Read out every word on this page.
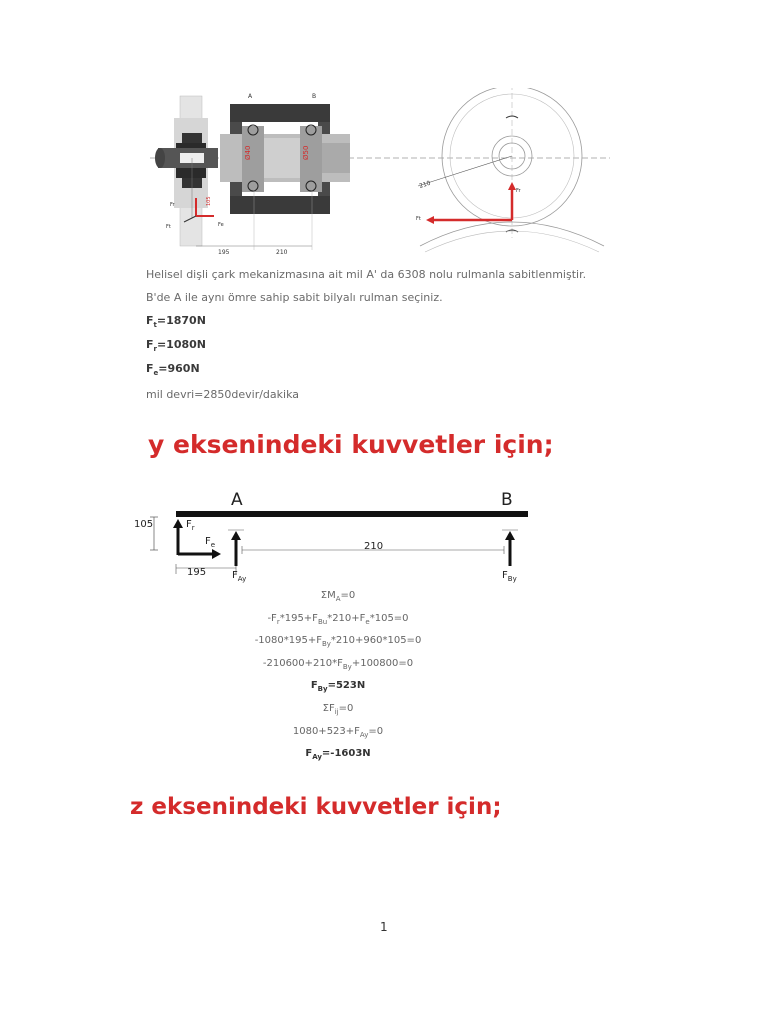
Ø40	Ø50
A	B
105
Fr
Ft	Fe
195	210
210
Fr
Ft
Helisel dişli çark mekanizmasına ait mil A' da 6308 nolu rulmanla sabitlenmiştir.
B'de A ile aynı ömre sahip sabit bilyalı rulman seçiniz.
$F_t=1870N$
$F_r=1080N$
$F_e=960N$
mil devri=2850devir/dakika
y eksenindeki kuvvetler için;
A	B
105
195
210
$F_r$
$F_e$
$F_{Ay}$	$F_{By}$
$\Sigma M_A=0$
$-F_r*195+F_{Bu}*210+F_e*105=0$
$-1080*195+F_{By}*210+960*105=0$
$-210600+210*F_{By}+100800=0$
$F_{By}=523N$
$\Sigma F_{ij}=0$
$1080+523+F_{Ay}=0$
$F_{Ay}=-1603N$
z eksenindeki kuvvetler için;
1
